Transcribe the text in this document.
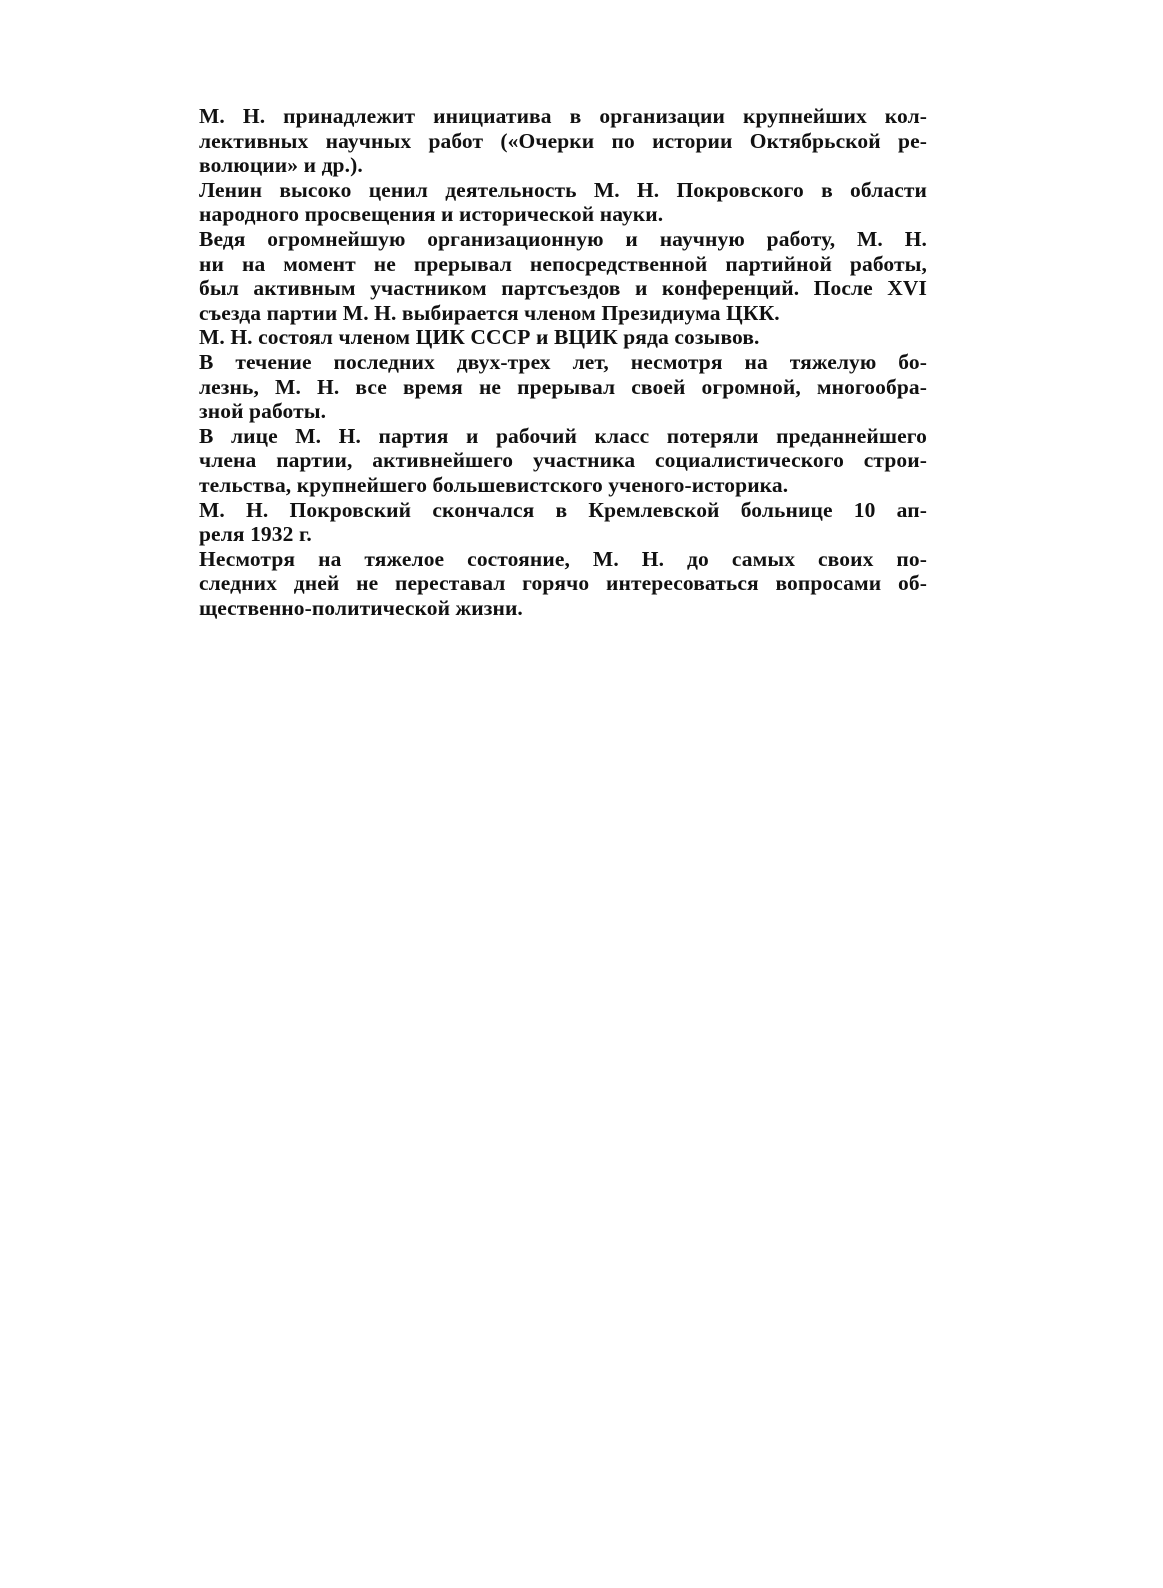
М. Н. принадлежит инициатива в организации крупнейших кол-
лективных научных работ («Очерки по истории Октябрьской ре-
волюции» и др.).
Ленин высоко ценил деятельность М. Н. Покровского в области
народного просвещения и исторической науки.
Ведя огромнейшую организационную и научную работу, М. Н.
ни на момент не прерывал непосредственной партийной работы,
был активным участником партсъездов и конференций. После XVI
съезда партии М. Н. выбирается членом Президиума ЦКК.
М. Н. состоял членом ЦИК СССР и ВЦИК ряда созывов.
В течение последних двух-трех лет, несмотря на тяжелую бо-
лезнь, М. Н. все время не прерывал своей огромной, многообра-
зной работы.
В лице М. Н. партия и рабочий класс потеряли преданнейшего
члена партии, активнейшего участника социалистического строи-
тельства, крупнейшего большевистского ученого-историка.
М. Н. Покровский скончался в Кремлевской больнице 10 ап-
реля 1932 г.
Несмотря на тяжелое состояние, М. Н. до самых своих по-
следних дней не переставал горячо интересоваться вопросами об-
щественно-политической жизни.
